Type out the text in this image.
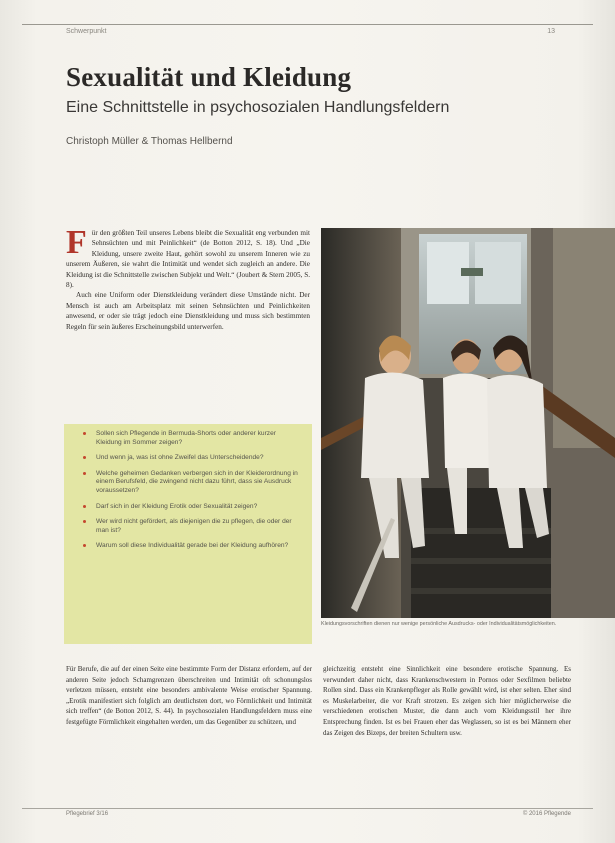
Schwerpunkt	13
Sexualität und Kleidung
Eine Schnittstelle in psychosozialen Handlungsfeldern
Christoph Müller & Thomas Hellbernd

Für den größten Teil unseres Lebens bleibt die Sexualität eng verbunden mit Sehnsüchten und mit Peinlichkeit“ (de Botton 2012, S. 18). Und „Die Kleidung, unsere zweite Haut, gehört sowohl zu unserem Inneren wie zu unserem Äußeren, sie wahrt die Intimität und wendet sich zugleich an andere. Die Kleidung ist die Schnittstelle zwischen Subjekt und Welt.“ (Joubert & Stern 2005, S. 8).

Auch eine Uniform oder Dienstkleidung verändert diese Umstände nicht. Der Mensch ist auch am Arbeitsplatz mit seinen Sehnsüchten und Peinlichkeiten anwesend, er oder sie trägt jedoch eine Dienstkleidung und muss sich bestimmten Regeln für sein äußeres Erscheinungsbild unterwerfen.

Sollen sich Pflegende in Bermuda-Shorts oder anderer kurzer Kleidung im Sommer zeigen?
Und wenn ja, was ist ohne Zweifel das Unterscheidende?
Welche geheimen Gedanken verbergen sich in der Kleiderordnung in einem Berufsfeld, die zwingend nicht dazu führt, dass sie Ausdruck voraussetzen?
Darf sich in der Kleidung Erotik oder Sexualität zeigen?
Wer wird nicht gefördert, als diejenigen die zu pflegen, die oder der man ist?
Warum soll diese Individualität gerade bei der Kleidung aufhören?
Kleidungsvorschriften dienen nur wenige persönliche Ausdrucks- oder Individualitätsmöglichkeiten.
Für Berufe, die auf der einen Seite eine bestimmte Form der Distanz erfordern, auf der anderen Seite jedoch Schamgrenzen überschreiten und Intimität oft schonungslos verletzen müssen, entsteht eine besonders ambivalente Weise erotischer Spannung. „Erotik manifestiert sich folglich am deutlichsten dort, wo Förmlichkeit und Intimität sich treffen“ (de Botton 2012, S. 44). In psychosozialen Handlungsfeldern muss eine festgefügte Förmlichkeit eingehalten werden, um das Gegenüber zu schützen, und
gleichzeitig entsteht eine Sinnlichkeit eine besondere erotische Spannung. Es verwundert daher nicht, dass Krankenschwestern in Pornos oder Sexfilmen beliebte Rollen sind. Dass ein Krankenpfleger als Rolle gewählt wird, ist eher selten. Eher sind es Muskelarbeiter, die vor Kraft strotzen. Es zeigen sich hier möglicherweise die verschiedenen erotischen Muster, die dann auch vom Kleidungsstil her ihre Entsprechung finden. Ist es bei Frauen eher das Weglassen, so ist es bei Männern eher das Zeigen des Bizeps, der breiten Schultern usw.
Pflegebrief 3/16	© 2016 Pflegende
